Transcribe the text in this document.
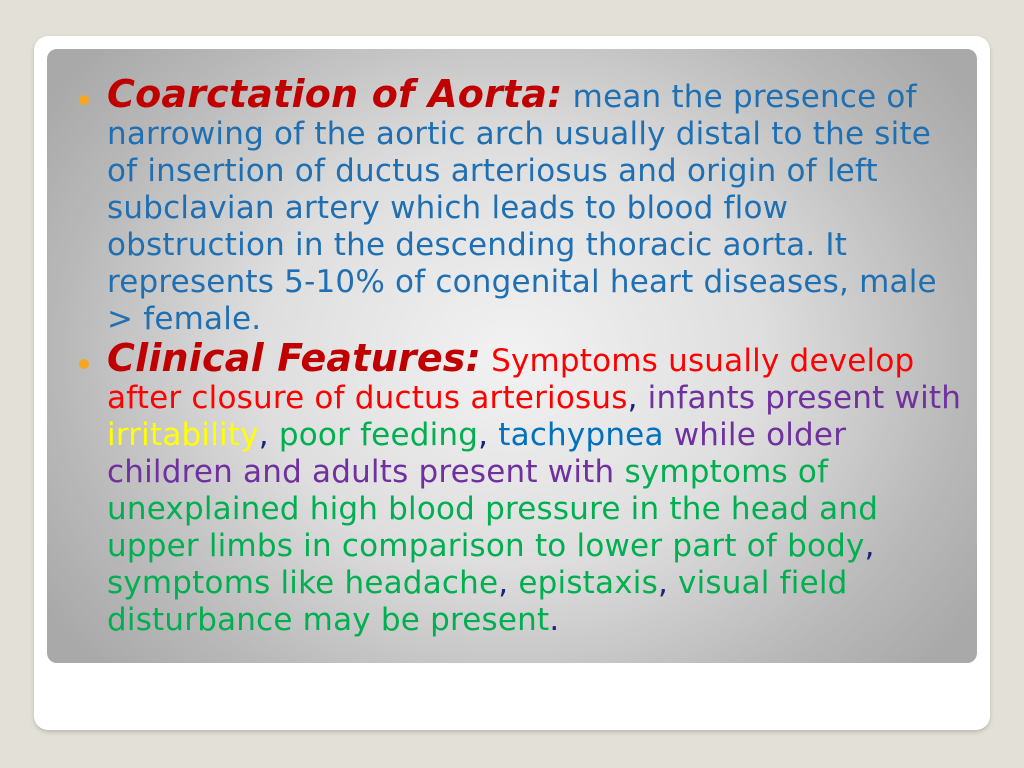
Coarctation of Aorta: mean the presence of narrowing of the aortic arch usually distal to the site of insertion of ductus arteriosus and origin of left subclavian artery which leads to blood flow obstruction in the descending thoracic aorta. It represents 5-10% of congenital heart diseases, male > female.

Clinical Features: Symptoms usually develop after closure of ductus arteriosus, infants present with irritability, poor feeding, tachypnea while older children and adults present with symptoms of unexplained high blood pressure in the head and upper limbs in comparison to lower part of body, symptoms like headache, epistaxis, visual field disturbance may be present.
